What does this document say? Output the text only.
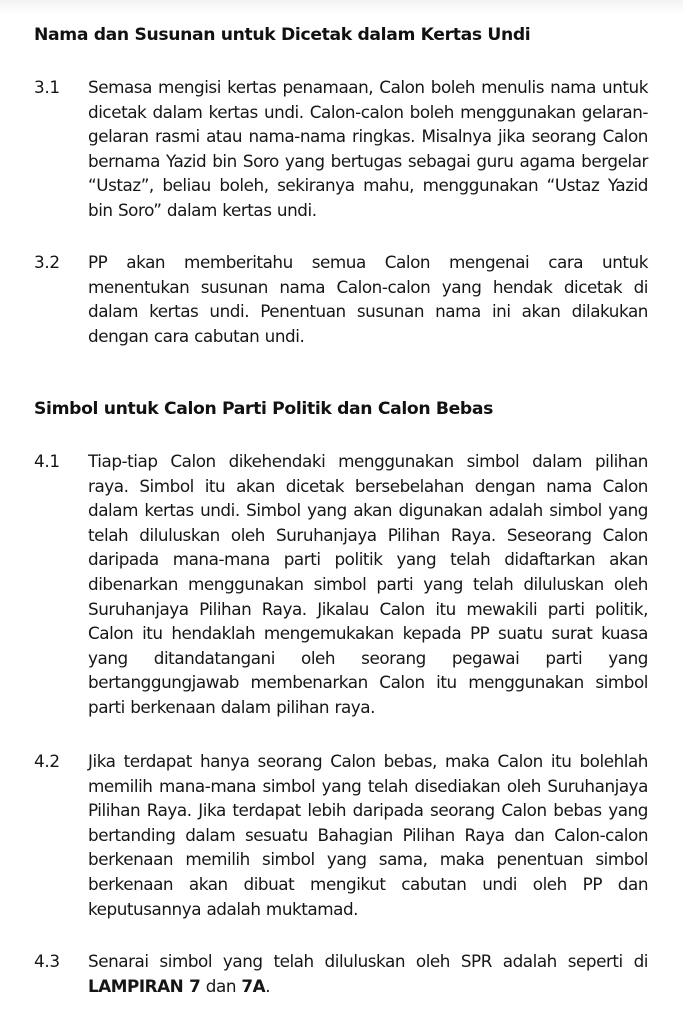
Nama dan Susunan untuk Dicetak dalam Kertas Undi
3.1 Semasa mengisi kertas penamaan, Calon boleh menulis nama untuk dicetak dalam kertas undi. Calon-calon boleh menggunakan gelaran-gelaran rasmi atau nama-nama ringkas. Misalnya jika seorang Calon bernama Yazid bin Soro yang bertugas sebagai guru agama bergelar “Ustaz”, beliau boleh, sekiranya mahu, menggunakan “Ustaz Yazid bin Soro” dalam kertas undi.
3.2 PP akan memberitahu semua Calon mengenai cara untuk menentukan susunan nama Calon-calon yang hendak dicetak di dalam kertas undi. Penentuan susunan nama ini akan dilakukan dengan cara cabutan undi.
Simbol untuk Calon Parti Politik dan Calon Bebas
4.1 Tiap-tiap Calon dikehendaki menggunakan simbol dalam pilihan raya. Simbol itu akan dicetak bersebelahan dengan nama Calon dalam kertas undi. Simbol yang akan digunakan adalah simbol yang telah diluluskan oleh Suruhanjaya Pilihan Raya. Seseorang Calon daripada mana-mana parti politik yang telah didaftarkan akan dibenarkan menggunakan simbol parti yang telah diluluskan oleh Suruhanjaya Pilihan Raya. Jikalau Calon itu mewakili parti politik, Calon itu hendaklah mengemukakan kepada PP suatu surat kuasa yang ditandatangani oleh seorang pegawai parti yang bertanggungjawab membenarkan Calon itu menggunakan simbol parti berkenaan dalam pilihan raya.
4.2 Jika terdapat hanya seorang Calon bebas, maka Calon itu bolehlah memilih mana-mana simbol yang telah disediakan oleh Suruhanjaya Pilihan Raya. Jika terdapat lebih daripada seorang Calon bebas yang bertanding dalam sesuatu Bahagian Pilihan Raya dan Calon-calon berkenaan memilih simbol yang sama, maka penentuan simbol berkenaan akan dibuat mengikut cabutan undi oleh PP dan keputusannya adalah muktamad.
4.3 Senarai simbol yang telah diluluskan oleh SPR adalah seperti di LAMPIRAN 7 dan 7A.
